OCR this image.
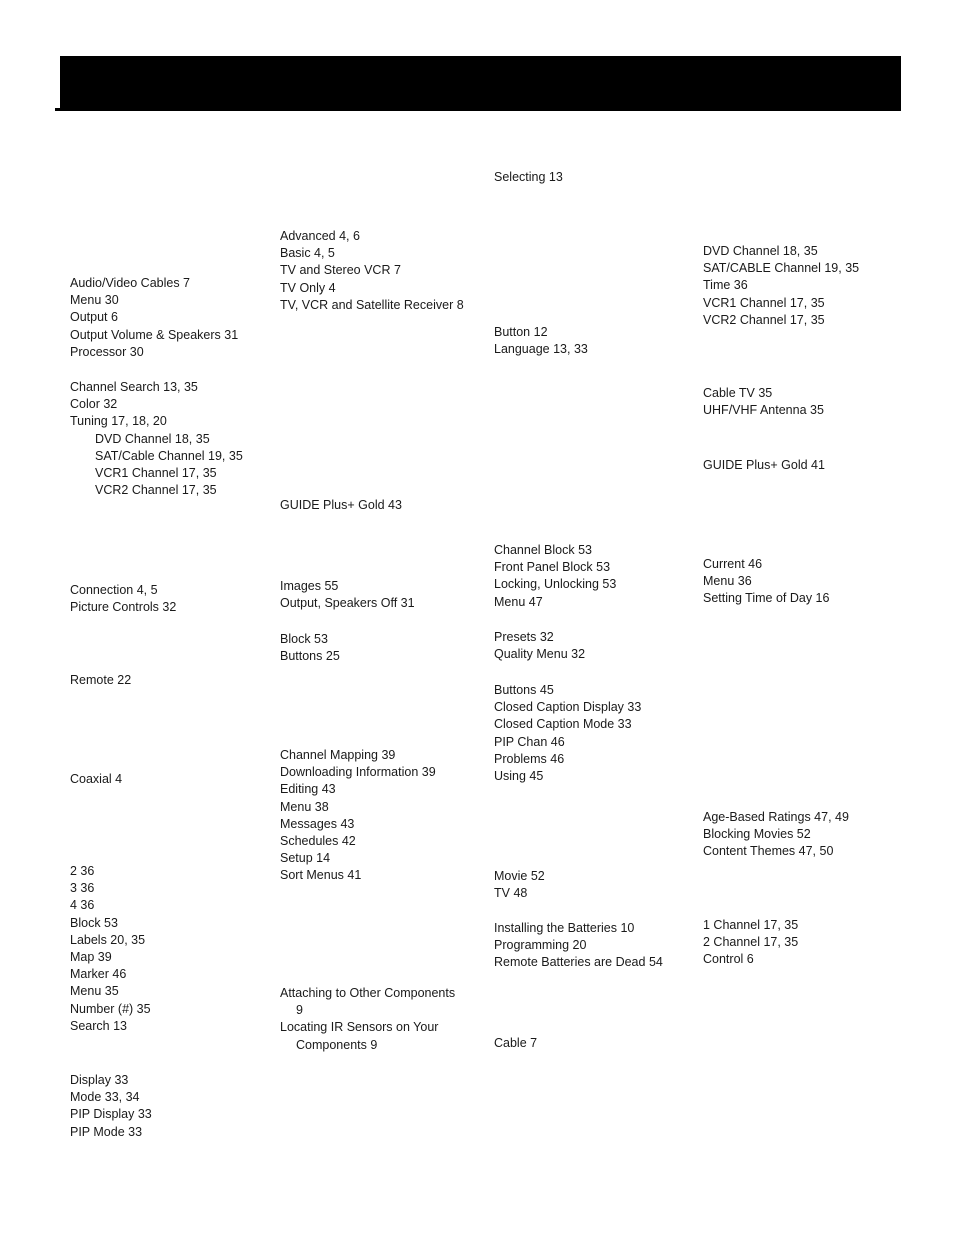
Audio/Video Cables 7
Menu 30
Output 6
Output Volume & Speakers 31
Processor 30
Channel Search 13, 35
Color 32
Tuning 17, 18, 20
DVD Channel 18, 35
SAT/Cable Channel 19, 35
VCR1 Channel 17, 35
VCR2 Channel 17, 35
Connection 4, 5
Picture Controls 32
Remote 22
Coaxial 4
2 36
3 36
4 36
Block 53
Labels 20, 35
Map 39
Marker 46
Menu 35
Number (#) 35
Search 13
Display 33
Mode 33, 34
PIP Display 33
PIP Mode 33
Advanced 4, 6
Basic 4, 5
TV and Stereo VCR 7
TV Only 4
TV, VCR and Satellite Receiver 8
GUIDE Plus+ Gold 43
Images 55
Output, Speakers Off 31
Block 53
Buttons 25
Channel Mapping 39
Downloading Information 39
Editing 43
Menu 38
Messages 43
Schedules 42
Setup 14
Sort Menus 41
Attaching to Other Components
9
Locating IR Sensors on Your
Components 9
Selecting 13
Button 12
Language 13, 33
Channel Block 53
Front Panel Block 53
Locking, Unlocking 53
Menu 47
Presets 32
Quality Menu 32
Buttons 45
Closed Caption Display 33
Closed Caption Mode 33
PIP Chan 46
Problems 46
Using 45
Movie 52
TV 48
Installing the Batteries 10
Programming 20
Remote Batteries are Dead 54
Cable 7
DVD Channel 18, 35
SAT/CABLE Channel 19, 35
Time 36
VCR1 Channel 17, 35
VCR2 Channel 17, 35
Cable TV 35
UHF/VHF Antenna 35
GUIDE Plus+ Gold 41
Current 46
Menu 36
Setting Time of Day 16
Age-Based Ratings 47, 49
Blocking Movies 52
Content Themes 47, 50
1 Channel 17, 35
2 Channel 17, 35
Control 6
